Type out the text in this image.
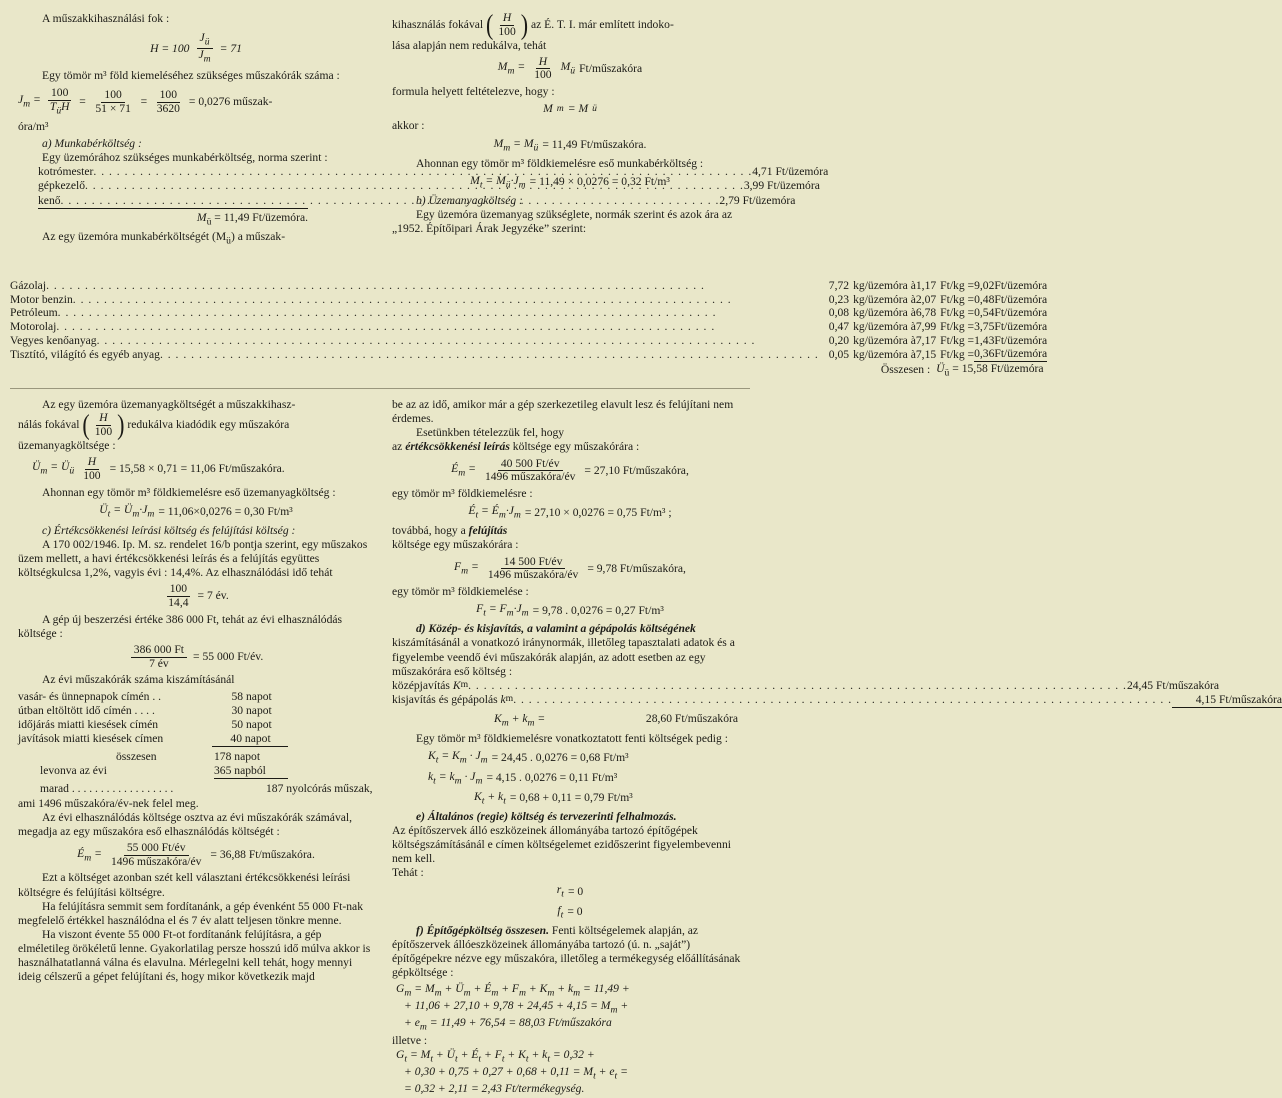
A műszakkihasználási fok :

$H = 100 \frac{J_ü}{J_m} = 71$

Egy tömör m³ föld kiemeléséhez szükséges műszakórák száma :

$J_m = \frac{100}{T_üH} = \frac{100}{51 \times 71} = \frac{100}{3620} = 0,0276$ műszak-

óra/m³

a) Munkabérköltség :

Egy üzemórához szükséges munkabérköltség, norma szerint :

kotrómester . . .	4,71
Ft/üzemóra
gépkezelő . . .	3,99
Ft/üzemóra
kenő . . .	2,79
Ft/üzemóra
$M_ü = 11,49$ Ft/üzemóra.

Az egy üzemóra munkabérköltségét $(M_ü)$ a műszak-

kihasználás fokával
( $\frac{H}{100}$ )
az É. T. I. már említett indoko-

lása alapján nem redukálva, tehát

$M_m = \frac{H}{100} M_ü$ Ft/műszakóra

formula helyett feltételezve, hogy :

M m = M ü

akkor :

$M_m = M_ü = 11,49$ Ft/műszakóra.

Ahonnan egy tömör m³ földkiemelésre eső munkabérköltség :

$M_t = M_ü\cdot J_m = 11,49 \times 0,0276 = 0,32$ Ft/m³

b) Üzemanyagköltség :

Egy üzemóra üzemanyag szükséglete, normák szerint és azok ára az „1952. Építőipari Árak Jegyzéke” szerint:

Gázolaj
. . .	7,72	kg/üzemóra à	1,17	Ft/kg =	9,02	Ft/üzemóra

Motor benzin
. . .	0,23	kg/üzemóra à	2,07	Ft/kg =	0,48	Ft/üzemóra

Petróleum
. . .	0,08	kg/üzemóra à	6,78	Ft/kg =	0,54	Ft/üzemóra

Motorolaj
. . .	0,47	kg/üzemóra à	7,99	Ft/kg =	3,75	Ft/üzemóra

Vegyes kenőanyag
. . .	0,20	kg/üzemóra à	7,17	Ft/kg =	1,43	Ft/üzemóra

Tisztító, világító és egyéb anyag
. . .	0,05	kg/üzemóra à	7,15	Ft/kg =	0,36	Ft/üzemóra
Összesen :				$Ü_ü = 15,58$ Ft/üzemóra		

Az egy üzemóra üzemanyagköltségét a műszakkihasz-

nálás fokával
( $\frac{H}{100}$ )
redukálva kiadódik egy műszakóra

üzemanyagköltsége :

$Ü_m$ = $Ü_ü \frac{H}{100} = 15,58 \times 0,71 = 11,06$ Ft/műszakóra.

Ahonnan egy tömör m³ földkiemelésre eső üzemanyagköltség :

$Ü_t$ = $Ü_m\cdot J_m = 11,06\times 0,0276 = 0,30$ Ft/m³

c) Értékcsökkenési leírási költség és felújítási költség :

A 170 002/1946. Ip. M. sz. rendelet 16/b pontja szerint, egy műszakos üzem mellett, a havi értékcsökkenési leírás és a felújítás együttes költségkulcsa 1,2%, vagyis évi : 14,4%. Az elhasználódási idő tehát

$\frac{100}{14,4} = 7$ év.

A gép új beszerzési értéke 386 000 Ft, tehát az évi elhasználódás költsége :

$\frac{386 000 Ft}{7 év} = 55$ 000 Ft/év.

Az évi műszakórák száma kiszámításánál

vasár- és ünnepnapok címén . .	58
napot
útban eltöltött idő címén . . . .	30
napot
időjárás miatti kiesések címén	50
napot
javítások miatti kiesések címen	40 napot
összesen	178 napot
levonva az évi	365 napból
marad . . . . . . . . . . . . . . . . . .	187 nyolcórás műszak,

ami 1496 műszakóra/év-nek felel meg.

Az évi elhasználódás költsége osztva az évi műszakórák számával, megadja az egy műszakóra eső elhasználódás költségét :

$É_m = \frac{55 000 Ft/év}{\text{1496 műszakóra/év}} = 36,88$ Ft/műszakóra.

Ezt a költséget azonban szét kell választani értékcsökkenési leírási költségre és felújítási költségre.

Ha felújításra semmit sem fordítanánk, a gép évenként 55 000 Ft-nak megfelelő értékkel használódna el és 7 év alatt teljesen tönkre menne.

Ha viszont évente 55 000 Ft-ot fordítanánk felújításra, a gép elméletileg örökéletű lenne. Gyakorlatilag persze hosszú idő múlva akkor is használhatatlanná válna és elavulna. Mérlegelni kell tehát, hogy mennyi ideig célszerű a gépet felújítani és, hogy mikor következik majd

be az az idő, amikor már a gép szerkezetileg elavult lesz és felújítani nem érdemes.

Esetünkben tételezzük fel, hogy

az értékcsökkenési leírás költsége egy műszakórára :

$É_m = \frac{40 500 Ft/év}{\text{1496 műszakóra/év}} = 27,10$ Ft/műszakóra,

egy tömör m³ földkiemelésre :

$É_t$ = $É_m\cdot J_m = 27,10 \times 0,0276 = 0,75$ Ft/m³ ;

továbbá, hogy a felújítás

költsége egy műszakórára :

$F_m = \frac{14 500 Ft/év}{\text{1496 műszakóra/év}} = 9,78$ Ft/műszakóra,

egy tömör m³ földkiemelése :

$F_t = F_m\cdot J_m = 9,78$ . 0,0276 = 0,27 Ft/m³

d) Közép- és kisjavítás, a valamint a gépápolás költségének

kiszámításánál a vonatkozó iránynormák, illetőleg tapasztalati adatok és a figyelembe veendő évi műszakórák alapján, az adott esetben az egy műszakórára eső költség :

középjavítás
K m . . .	24,45
Ft/műszakóra
kisjavítás és gépápolás
k m . . .	4,15 Ft/műszakóra
$K_m + k_m$ =	28,60 Ft/műszakóra

Egy tömör m³ földkiemelésre vonatkoztatott fenti költségek pedig :

$K_t = K_m \cdot J_m = 24,45$ . 0,0276 = 0,68 Ft/m³
$k_t = k_m \cdot J_m = 4,15$ . 0,0276 = 0,11 Ft/m³
$K_t + k_t = 0,68 + 0,11 = 0,79$ Ft/m³

e) Általános (regie) költség és tervezerinti felhalmozás.

Az építőszervek álló eszközeinek állományába tartozó építőgépek költségszámításánál e címen költségelemet ezidőszerint figyelembevenni nem kell.

Tehát :

$r_t = 0$
$f_t = 0$

f) Építőgépköltség összesen. Fenti költségelemek alapján, az építőszervek állóeszközeinek állományába tartozó (ú. n. „saját”) építőgépekre nézve egy műszakóra, illetőleg a termékegység előállításának gépköltsége :

$G_m = M_m$ + $Ü_m$ + $É_m + F_m + K_m + k_m = 11,49$ +
+ $11,06 + 27,10 + 9,78 + 24,45 + 4,15 = M_m$ +
+ $e_m = 11,49 + 76,54 = 88,03$ Ft/műszakóra

illetve :

$G_t = M_t$ + $Ü_t$ + $É_t + F_t + K_t + k_t = 0,32$ +
+ $0,30 + 0,75 + 0,27 + 0,68 + 0,11 = M_t + e_t$ =
= 0,32 + 2,11 = 2,43 Ft/termékegység.
